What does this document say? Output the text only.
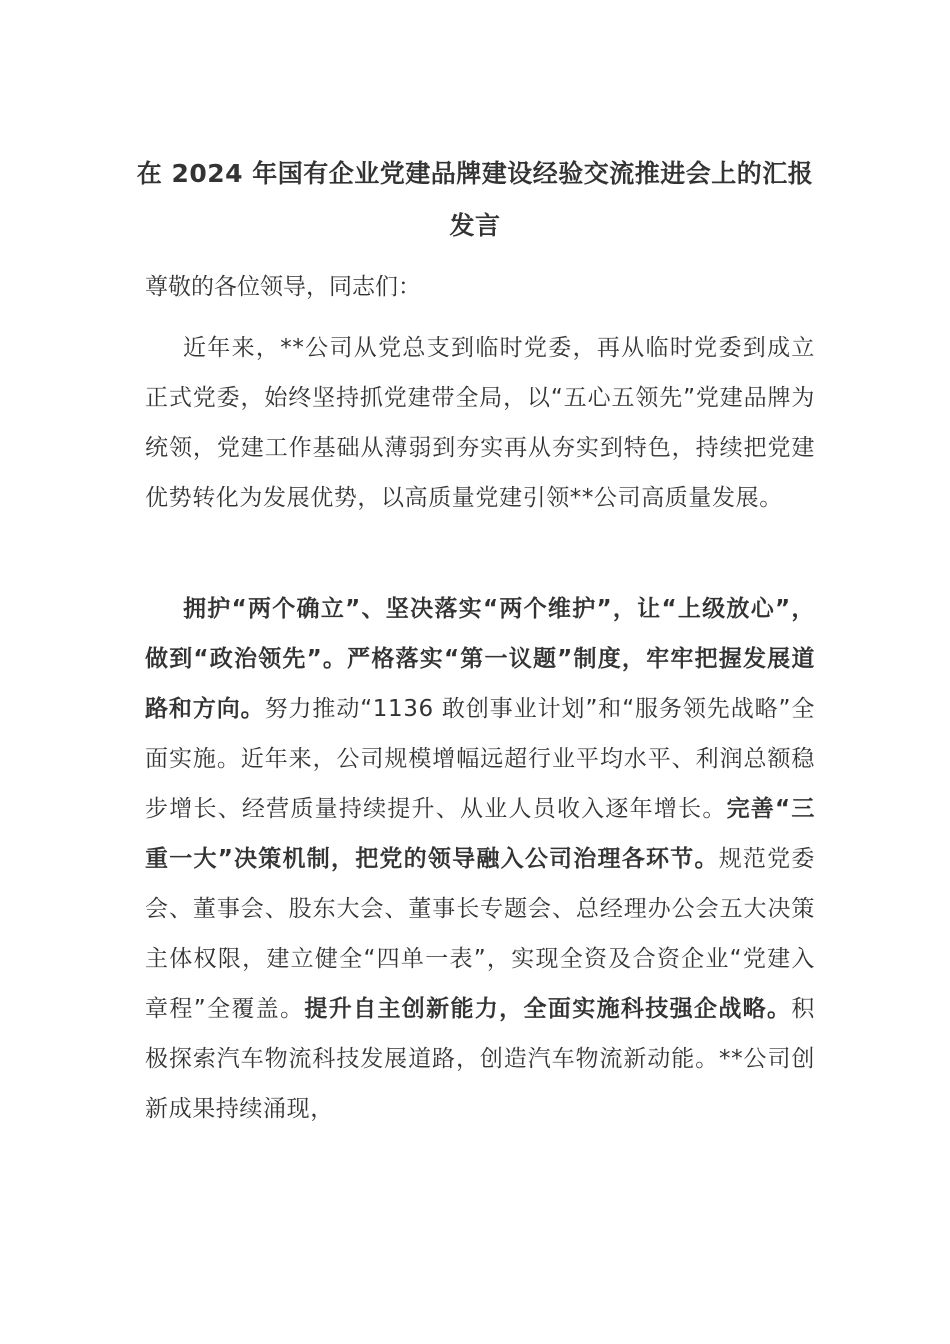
在 2024 年国有企业党建品牌建设经验交流推进会上的汇报发言

尊敬的各位领导，同志们：

近年来，**公司从党总支到临时党委，再从临时党委到成立正式党委，始终坚持抓党建带全局，以“五心五领先”党建品牌为统领，党建工作基础从薄弱到夯实再从夯实到特色，持续把党建优势转化为发展优势，以高质量党建引领**公司高质量发展。

拥护“两个确立”、坚决落实“两个维护”，让“上级放心”，做到“政治领先”。严格落实“第一议题”制度，牢牢把握发展道路和方向。努力推动“1136 敢创事业计划”和“服务领先战略”全面实施。近年来，公司规模增幅远超行业平均水平、利润总额稳步增长、经营质量持续提升、从业人员收入逐年增长。完善“三重一大”决策机制，把党的领导融入公司治理各环节。规范党委会、董事会、股东大会、董事长专题会、总经理办公会五大决策主体权限，建立健全“四单一表”，实现全资及合资企业“党建入章程”全覆盖。提升自主创新能力，全面实施科技强企战略。积极探索汽车物流科技发展道路，创造汽车物流新动能。**公司创新成果持续涌现，
